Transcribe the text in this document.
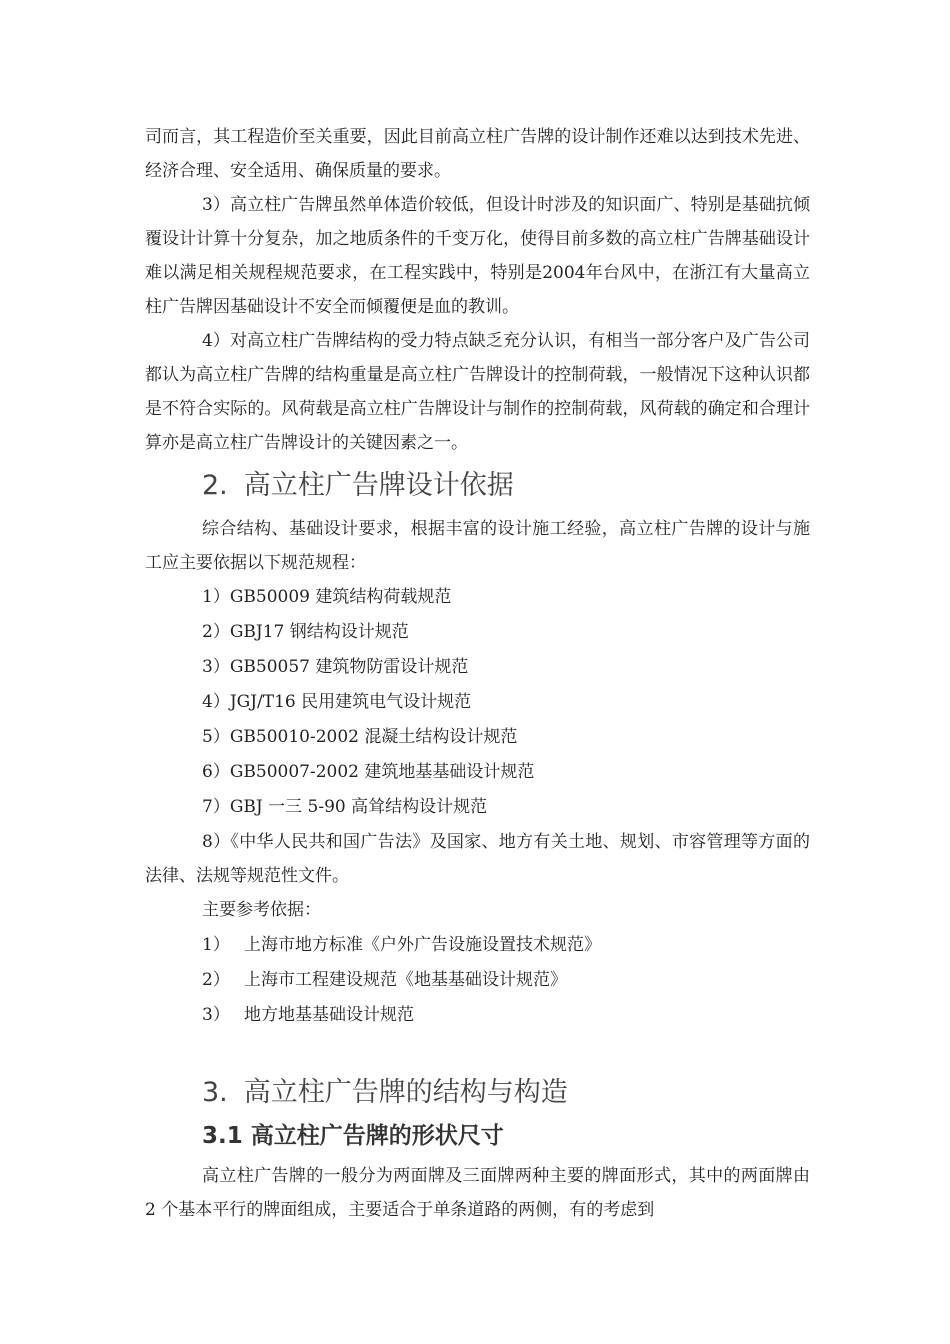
司而言，其工程造价至关重要，因此目前高立柱广告牌的设计制作还难以达到技术先进、经济合理、安全适用、确保质量的要求。

3）高立柱广告牌虽然单体造价较低，但设计时涉及的知识面广、特别是基础抗倾覆设计计算十分复杂，加之地质条件的千变万化，使得目前多数的高立柱广告牌基础设计难以满足相关规程规范要求，在工程实践中，特别是2004年台风中，在浙江有大量高立柱广告牌因基础设计不安全而倾覆便是血的教训。

4）对高立柱广告牌结构的受力特点缺乏充分认识，有相当一部分客户及广告公司都认为高立柱广告牌的结构重量是高立柱广告牌设计的控制荷载，一般情况下这种认识都是不符合实际的。风荷载是高立柱广告牌设计与制作的控制荷载，风荷载的确定和合理计算亦是高立柱广告牌设计的关键因素之一。

2. 高立柱广告牌设计依据

综合结构、基础设计要求，根据丰富的设计施工经验，高立柱广告牌的设计与施工应主要依据以下规范规程：

1）GB50009 建筑结构荷载规范
2）GBJ17 钢结构设计规范
3）GB50057 建筑物防雷设计规范
4）JGJ/T16 民用建筑电气设计规范
5）GB50010-2002 混凝土结构设计规范
6）GB50007-2002 建筑地基基础设计规范
7）GBJ 一三 5-90 高耸结构设计规范

8）《中华人民共和国广告法》及国家、地方有关土地、规划、市容管理等方面的法律、法规等规范性文件。

主要参考依据：
1） 上海市地方标准《户外广告设施设置技术规范》
2） 上海市工程建设规范《地基基础设计规范》
3） 地方地基基础设计规范
3. 高立柱广告牌的结构与构造
3.1 高立柱广告牌的形状尺寸

高立柱广告牌的一般分为两面牌及三面牌两种主要的牌面形式，其中的两面牌由 2 个基本平行的牌面组成，主要适合于单条道路的两侧，有的考虑到
